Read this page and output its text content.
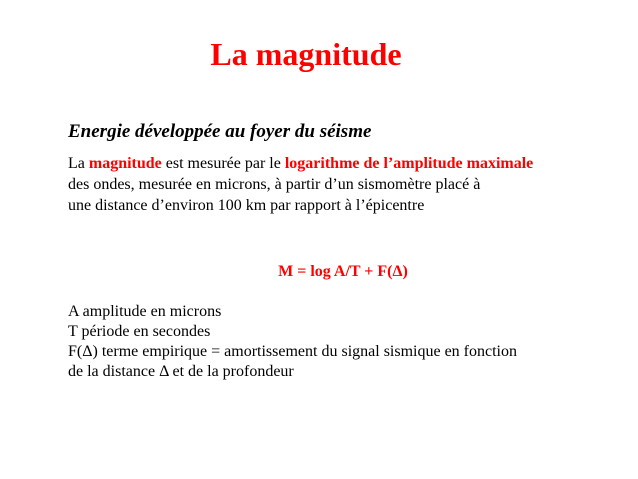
La magnitude
Energie développée au foyer du séisme
La magnitude est mesurée par le logarithme de l’amplitude maximale
des ondes, mesurée en microns, à partir d’un sismomètre placé à
une distance d’environ 100 km par rapport à l’épicentre
M = log A/T + F(Δ)
A amplitude en microns
T période en secondes
F(Δ) terme empirique = amortissement du signal sismique en fonction
de la distance Δ et de la profondeur
